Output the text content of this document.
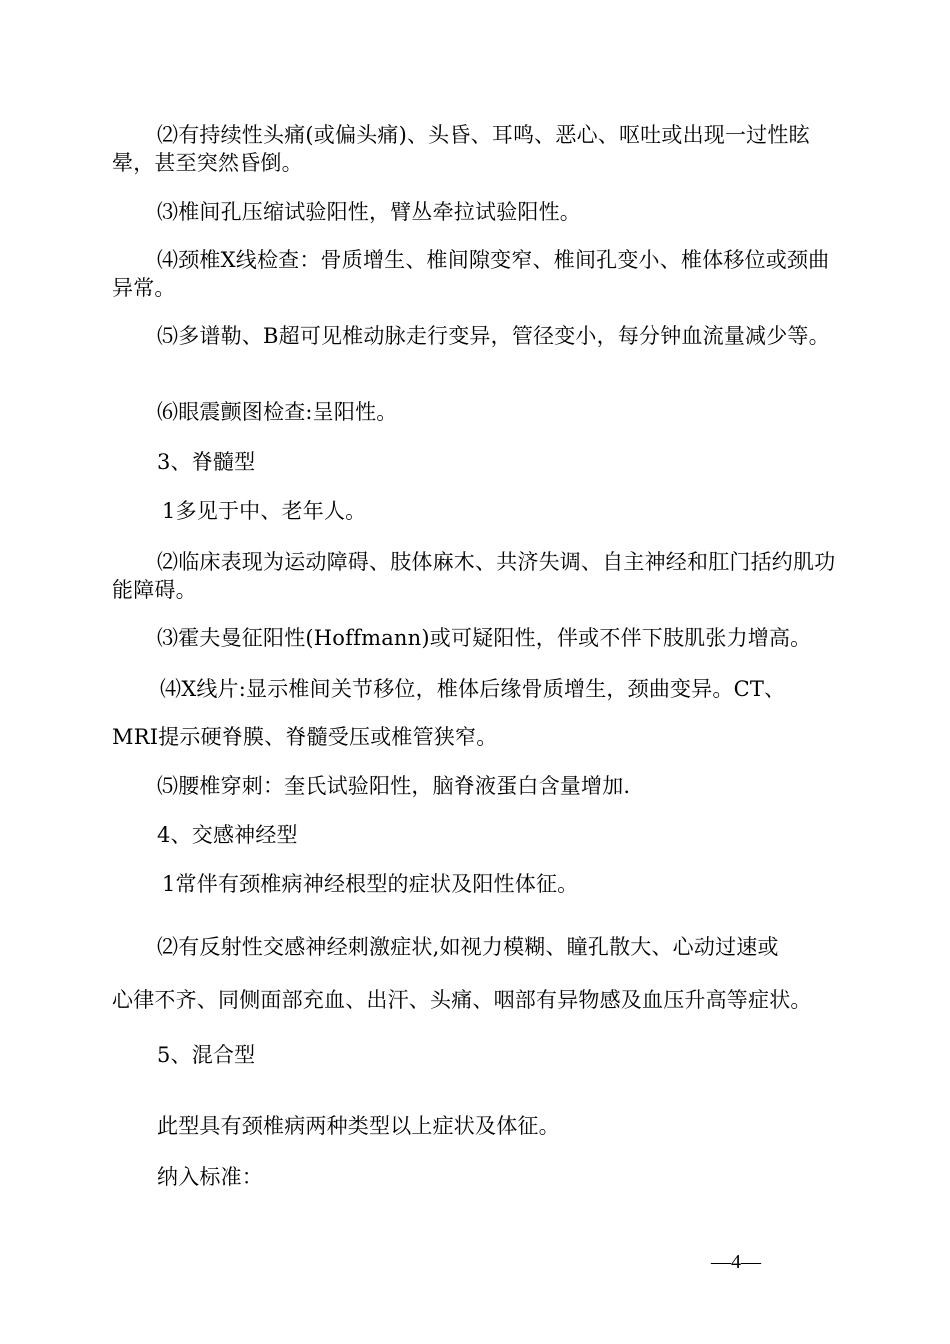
⑵有持续性头痛(或偏头痛)、头昏、耳鸣、恶心、呕吐或出现一过性眩晕，甚至突然昏倒。
⑶椎间孔压缩试验阳性，臂丛牵拉试验阳性。
⑷颈椎X线检查：骨质增生、椎间隙变窄、椎间孔变小、椎体移位或颈曲异常。
⑸多谱勒、B超可见椎动脉走行变异，管径变小，每分钟血流量减少等。
⑹眼震颤图检查:呈阳性。
3、脊髓型
1多见于中、老年人。
⑵临床表现为运动障碍、肢体麻木、共济失调、自主神经和肛门括约肌功能障碍。
⑶霍夫曼征阳性(Hoffmann)或可疑阳性，伴或不伴下肢肌张力增高。
⑷X线片:显示椎间关节移位，椎体后缘骨质增生，颈曲变异。CT、
MRI提示硬脊膜、脊髓受压或椎管狭窄。
⑸腰椎穿刺：奎氏试验阳性，脑脊液蛋白含量增加.
4、交感神经型
1常伴有颈椎病神经根型的症状及阳性体征。
⑵有反射性交感神经刺激症状,如视力模糊、瞳孔散大、心动过速或
心律不齐、同侧面部充血、出汗、头痛、咽部有异物感及血压升高等症状。
5、混合型
此型具有颈椎病两种类型以上症状及体征。
纳入标准：
—4—
